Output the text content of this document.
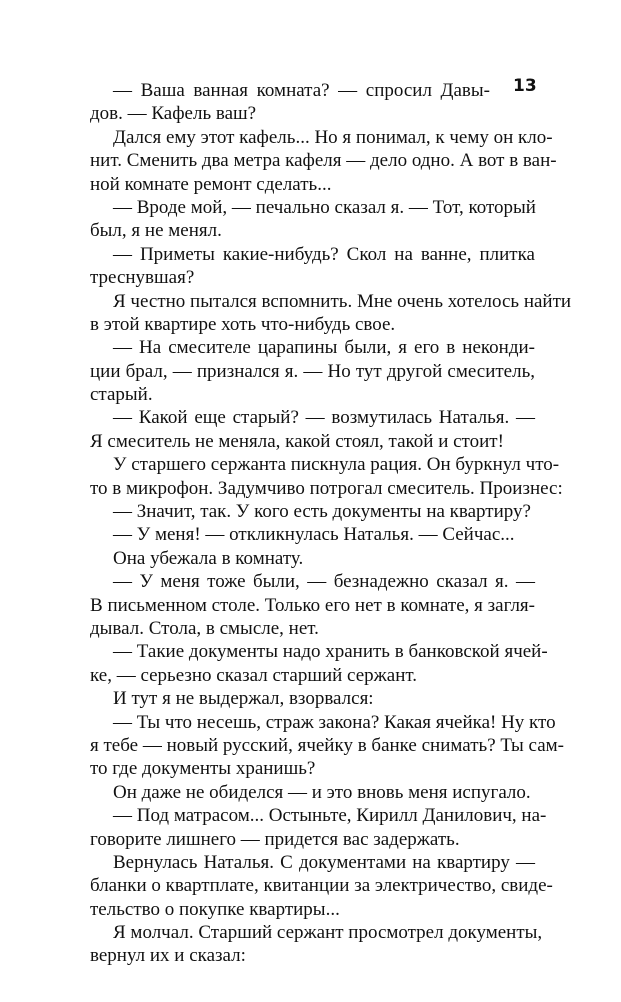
13
— Ваша ванная комната? — спросил Давы-
дов. — Кафель ваш?
Дался ему этот кафель... Но я понимал, к чему он кло-
нит. Сменить два метра кафеля — дело одно. А вот в ван-
ной комнате ремонт сделать...
— Вроде мой, — печально сказал я. — Тот, который
был, я не менял.
— Приметы какие-нибудь? Скол на ванне, плитка
треснувшая?
Я честно пытался вспомнить. Мне очень хотелось найти
в этой квартире хоть что-нибудь свое.
— На смесителе царапины были, я его в неконди-
ции брал, — признался я. — Но тут другой смеситель,
старый.
— Какой еще старый? — возмутилась Наталья. —
Я смеситель не меняла, какой стоял, такой и стоит!
У старшего сержанта пискнула рация. Он буркнул что-
то в микрофон. Задумчиво потрогал смеситель. Произнес:
— Значит, так. У кого есть документы на квартиру?
— У меня! — откликнулась Наталья. — Сейчас...
Она убежала в комнату.
— У меня тоже были, — безнадежно сказал я. —
В письменном столе. Только его нет в комнате, я загля-
дывал. Стола, в смысле, нет.
— Такие документы надо хранить в банковской ячей-
ке, — серьезно сказал старший сержант.
И тут я не выдержал, взорвался:
— Ты что несешь, страж закона? Какая ячейка! Ну кто
я тебе — новый русский, ячейку в банке снимать? Ты сам-
то где документы хранишь?
Он даже не обиделся — и это вновь меня испугало.
— Под матрасом... Остыньте, Кирилл Данилович, на-
говорите лишнего — придется вас задержать.
Вернулась Наталья. С документами на квартиру —
бланки о квартплате, квитанции за электричество, свиде-
тельство о покупке квартиры...
Я молчал. Старший сержант просмотрел документы,
вернул их и сказал:
